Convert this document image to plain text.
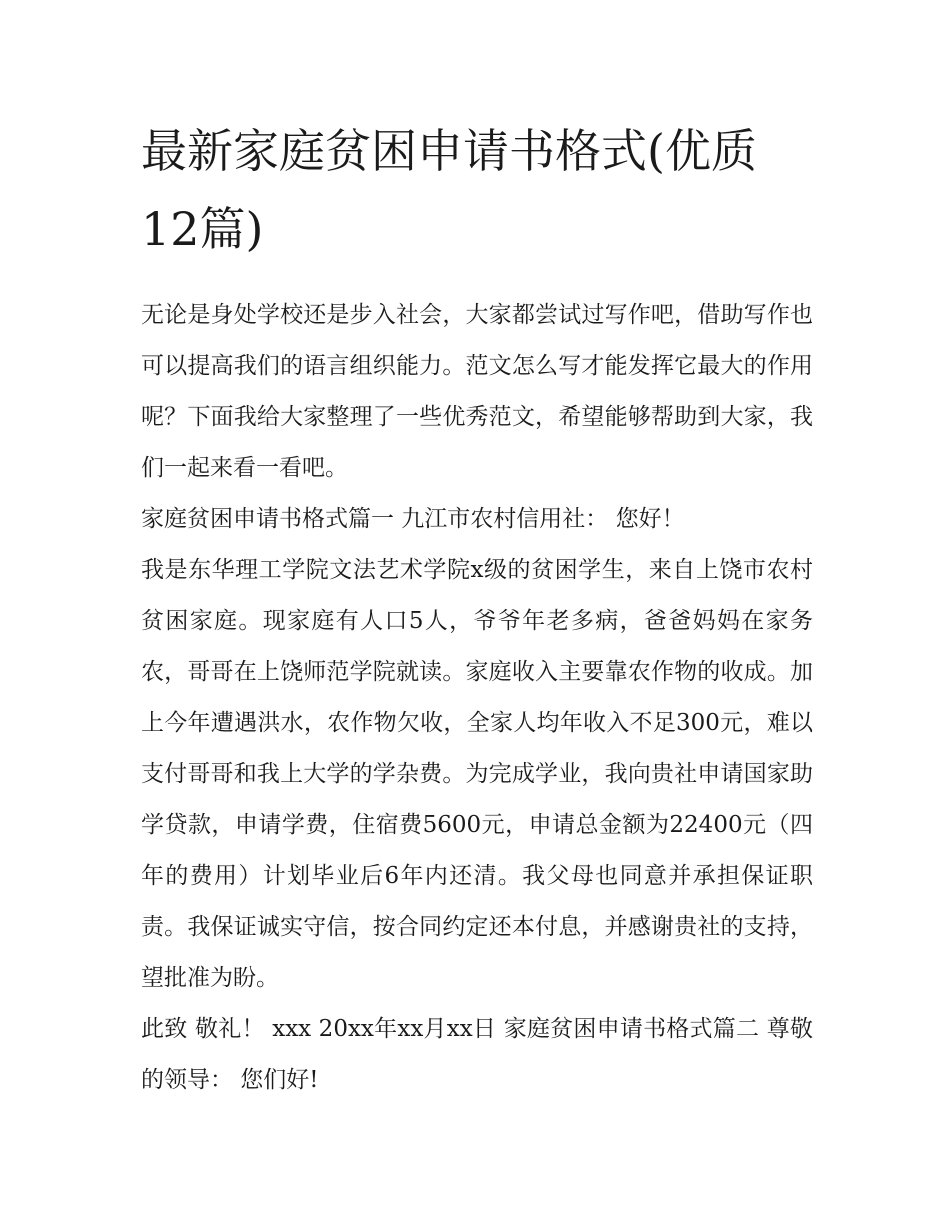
最新家庭贫困申请书格式(优质12篇)

无论是身处学校还是步入社会，大家都尝试过写作吧，借助写作也可以提高我们的语言组织能力。范文怎么写才能发挥它最大的作用呢？下面我给大家整理了一些优秀范文，希望能够帮助到大家，我们一起来看一看吧。

家庭贫困申请书格式篇一 九江市农村信用社： 您好！

我是东华理工学院文法艺术学院x级的贫困学生，来自上饶市农村贫困家庭。现家庭有人口5人，爷爷年老多病，爸爸妈妈在家务农，哥哥在上饶师范学院就读。家庭收入主要靠农作物的收成。加上今年遭遇洪水，农作物欠收，全家人均年收入不足300元，难以支付哥哥和我上大学的学杂费。为完成学业，我向贵社申请国家助学贷款，申请学费，住宿费5600元，申请总金额为22400元（四年的费用）计划毕业后6年内还清。我父母也同意并承担保证职责。我保证诚实守信，按合同约定还本付息，并感谢贵社的支持，望批准为盼。

此致 敬礼！ xxx 20xx年xx月xx日 家庭贫困申请书格式篇二 尊敬的领导： 您们好!
